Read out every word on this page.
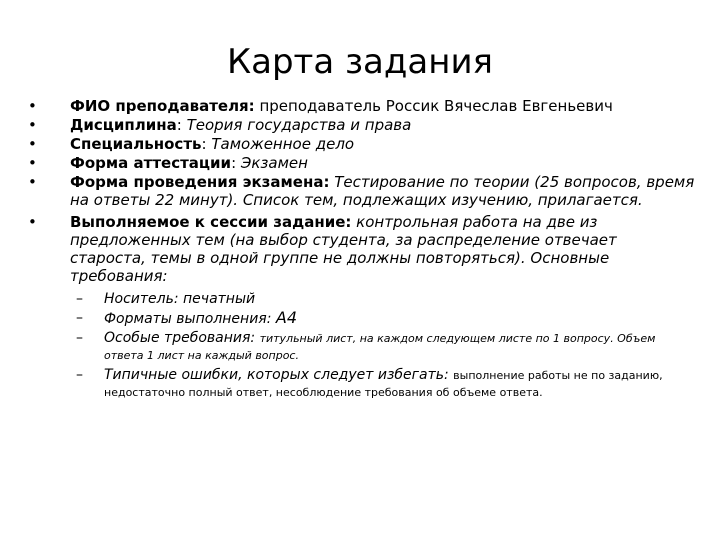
Карта задания
• ФИО преподавателя: преподаватель Россик Вячеслав Евгеньевич
• Дисциплина: Теория государства и права
• Специальность: Таможенное дело
• Форма аттестации: Экзамен
• Форма проведения экзамена: Тестирование по теории (25 вопросов, время на ответы 22 минут). Список тем, подлежащих изучению, прилагается.
• Выполняемое к сессии задание: контрольная работа на две из предложенных тем (на выбор студента, за распределение отвечает староста, темы в одной группе не должны повторяться). Основные требования:
– Носитель: печатный
– Форматы выполнения: А4
– Особые требования: титульный лист, на каждом следующем листе по 1 вопросу. Объем ответа 1 лист на каждый вопрос.
– Типичные ошибки, которых следует избегать: выполнение работы не по заданию, недостаточно полный ответ, несоблюдение требования об объеме ответа.
